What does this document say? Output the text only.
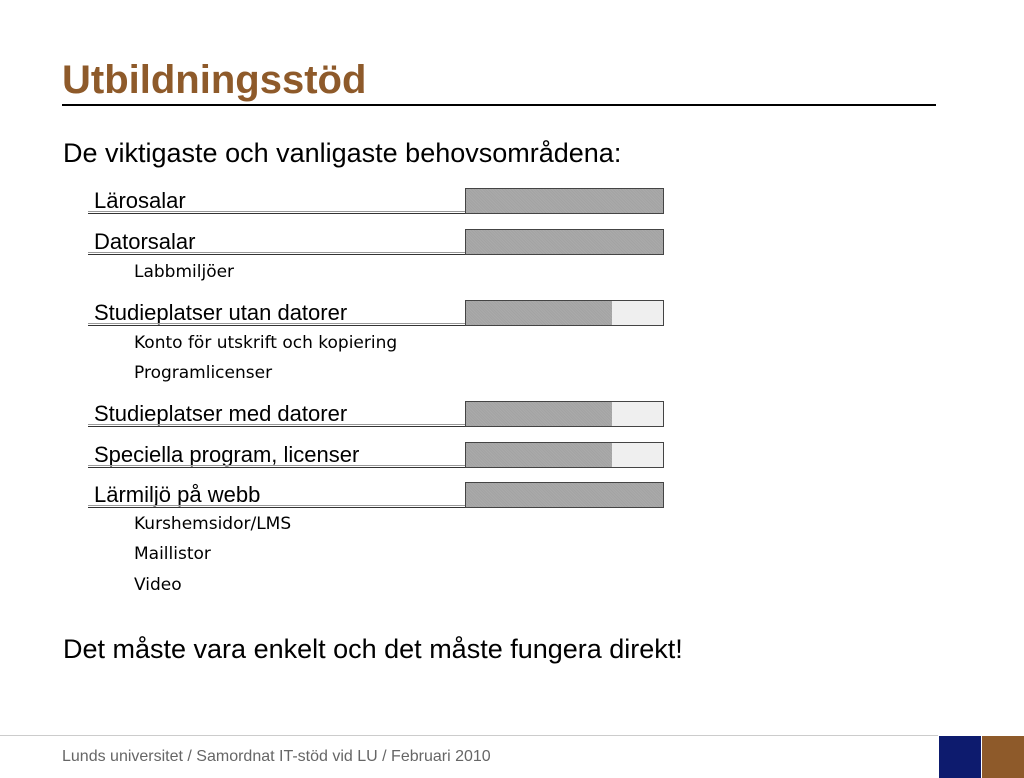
Utbildningsstöd
De viktigaste och vanligaste behovsområdena:
Lärosalar
Datorsalar
Labbmiljöer
Studieplatser utan datorer
Konto för utskrift och kopiering
Programlicenser
Studieplatser med datorer
Speciella program, licenser
Lärmiljö på webb
Kurshemsidor/LMS
Maillistor
Video
Det måste vara enkelt och det måste fungera direkt!
Lunds universitet / Samordnat IT-stöd vid LU / Februari 2010
